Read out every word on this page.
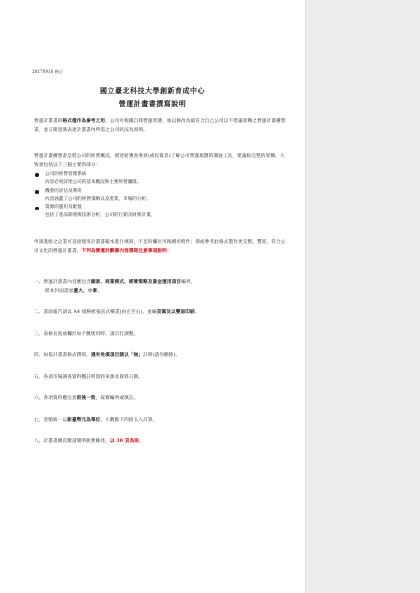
20170916 修正
國立臺北科技大學創新育成中心
營運計畫書撰寫說明
營運計畫書的格式僅作為參考之用，公司可根據自我營運狀態，加以修改為最符合自己公司以下建議架構之營運計畫構想書，並言簡意賅表達計畫書內所需之公司狀況為原則。
營運計畫構想書是將公司的經營概況，描述給審查委員(或投資者)了解公司營運規劃的溝通工具，建議較完整的架構，大致須包括以下三個主要的部分：
公司的經營管理系統
內容必須詳述公司的基本概況和主要經營團隊。
機會的評估及利用
內容涵蓋了公司的經營策略以及產業，市場的分析。
資源的運用及配置
包括了產品開發與技術分析，公司的行銷及財務計畫。
申請進駐之企業可直接使用計畫書範本進行填寫，不足的欄位可後續於附件；抑或參考此格式製作更完整、豐富，符合公司文化的營運計畫書，下列為營運計劃書內容撰寫注意事項說明：
一、營運計畫書內容應包含願景、商業模式、經營策略及資金運用項目編列，
紙本封面需加蓋大、小章。
二、書面報告請以 A4 規格紙張直式橫書(由左至右)，並編頁碼及以雙面印刷。
三、表格長度或欄位如不敷使用時，請自行調整。
四、如依計畫書格式撰寫，遇有免填項目請以「無」註明(請勿刪除)。
五、各項市場調查資料應註明資料來源及資料日期。
六、各項資料應注意前後一致，按實編列或填註。
七、金額統一以新臺幣元為單位，小數點下四捨五入計算。
八、計畫書總頁數請簡明扼要陳述，以 30 頁為限。
